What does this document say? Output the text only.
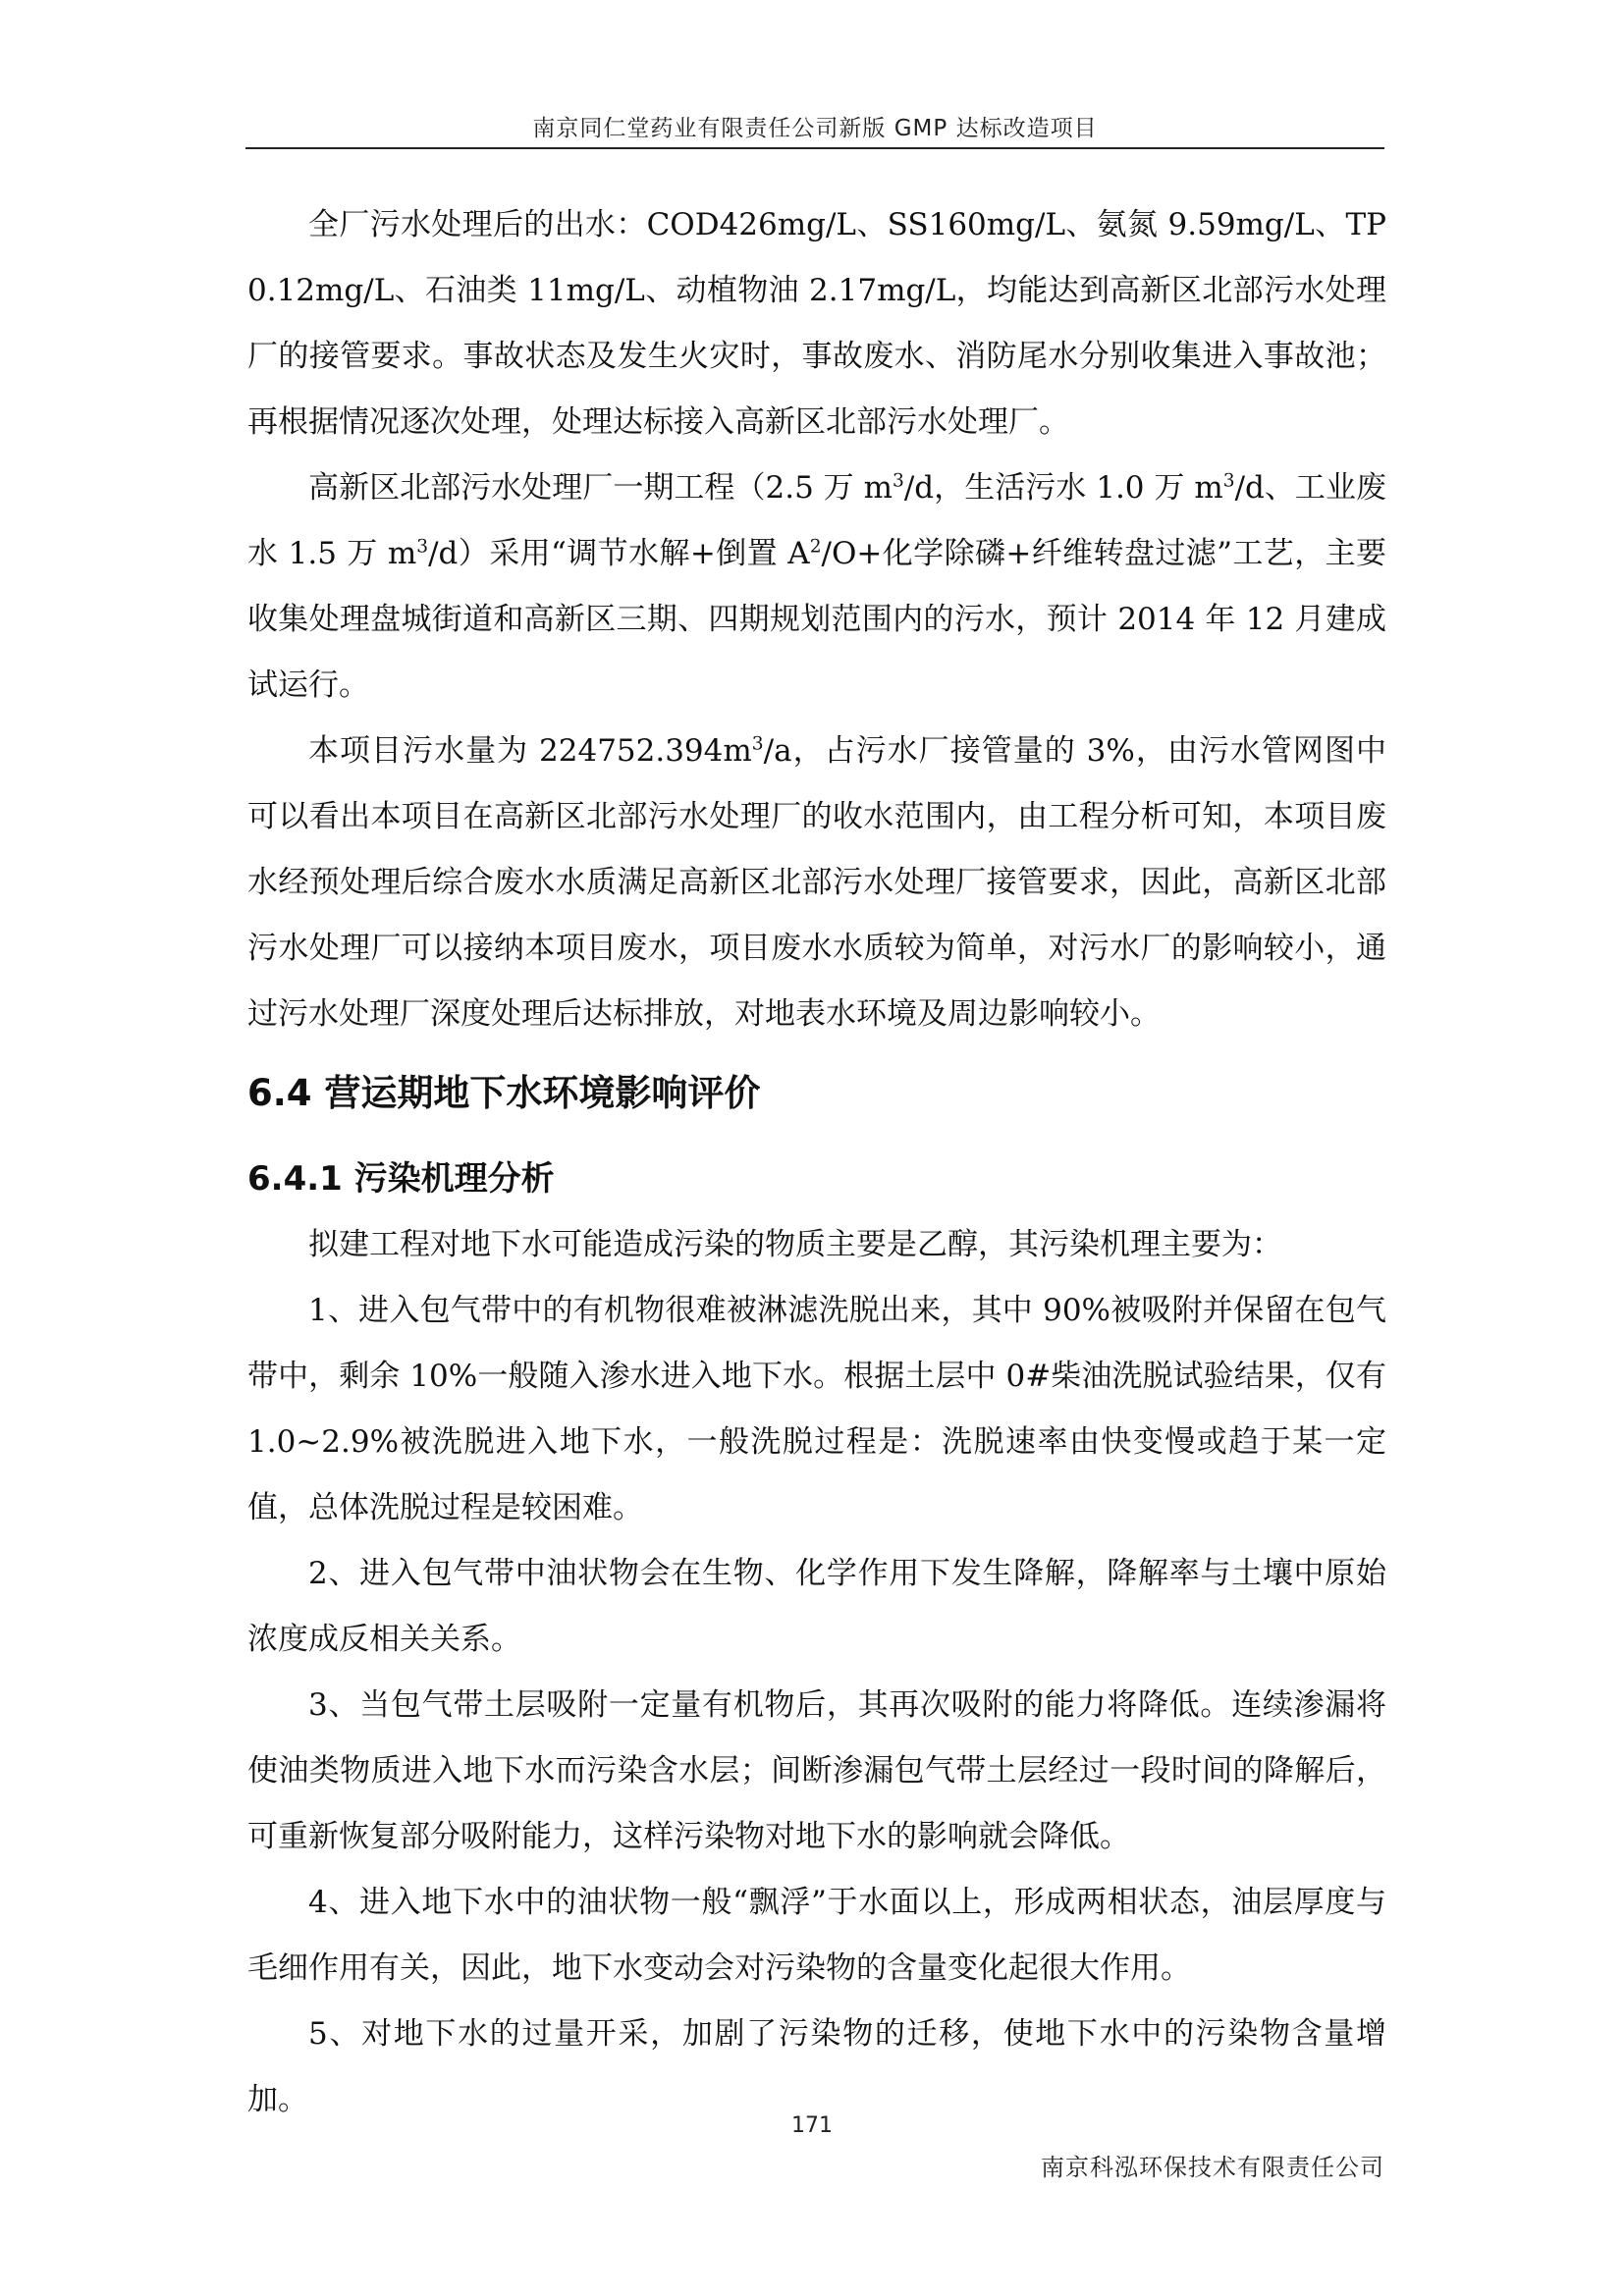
南京同仁堂药业有限责任公司新版 GMP 达标改造项目

全厂污水处理后的出水：COD426mg/L、SS160mg/L、氨氮 9.59mg/L、TP0.12mg/L、石油类 11mg/L、动植物油 2.17mg/L，均能达到高新区北部污水处理厂的接管要求。事故状态及发生火灾时，事故废水、消防尾水分别收集进入事故池；再根据情况逐次处理，处理达标接入高新区北部污水处理厂。

高新区北部污水处理厂一期工程（2.5 万 $m^3/d$，生活污水 1.0 万 $m^3/d$、工业废水 1.5 万 $m^3/d$）采用“调节水解+倒置 $A^2/O+$化学除磷+纤维转盘过滤”工艺，主要收集处理盘城街道和高新区三期、四期规划范围内的污水，预计 2014 年 12 月建成试运行。

本项目污水量为 $224752.394m^3/a$，占污水厂接管量的 3%，由污水管网图中可以看出本项目在高新区北部污水处理厂的收水范围内，由工程分析可知，本项目废水经预处理后综合废水水质满足高新区北部污水处理厂接管要求，因此，高新区北部污水处理厂可以接纳本项目废水，项目废水水质较为简单，对污水厂的影响较小，通过污水处理厂深度处理后达标排放，对地表水环境及周边影响较小。

6.4 营运期地下水环境影响评价
6.4.1 污染机理分析

拟建工程对地下水可能造成污染的物质主要是乙醇，其污染机理主要为：

1、进入包气带中的有机物很难被淋滤洗脱出来，其中 90%被吸附并保留在包气带中，剩余 10%一般随入渗水进入地下水。根据土层中 0#柴油洗脱试验结果，仅有 1.0~2.9%被洗脱进入地下水，一般洗脱过程是：洗脱速率由快变慢或趋于某一定值，总体洗脱过程是较困难。

2、进入包气带中油状物会在生物、化学作用下发生降解，降解率与土壤中原始浓度成反相关关系。

3、当包气带土层吸附一定量有机物后，其再次吸附的能力将降低。连续渗漏将使油类物质进入地下水而污染含水层；间断渗漏包气带土层经过一段时间的降解后，可重新恢复部分吸附能力，这样污染物对地下水的影响就会降低。

4、进入地下水中的油状物一般“飘浮”于水面以上，形成两相状态，油层厚度与毛细作用有关，因此，地下水变动会对污染物的含量变化起很大作用。

5、对地下水的过量开采，加剧了污染物的迁移，使地下水中的污染物含量增加。

171
南京科泓环保技术有限责任公司
